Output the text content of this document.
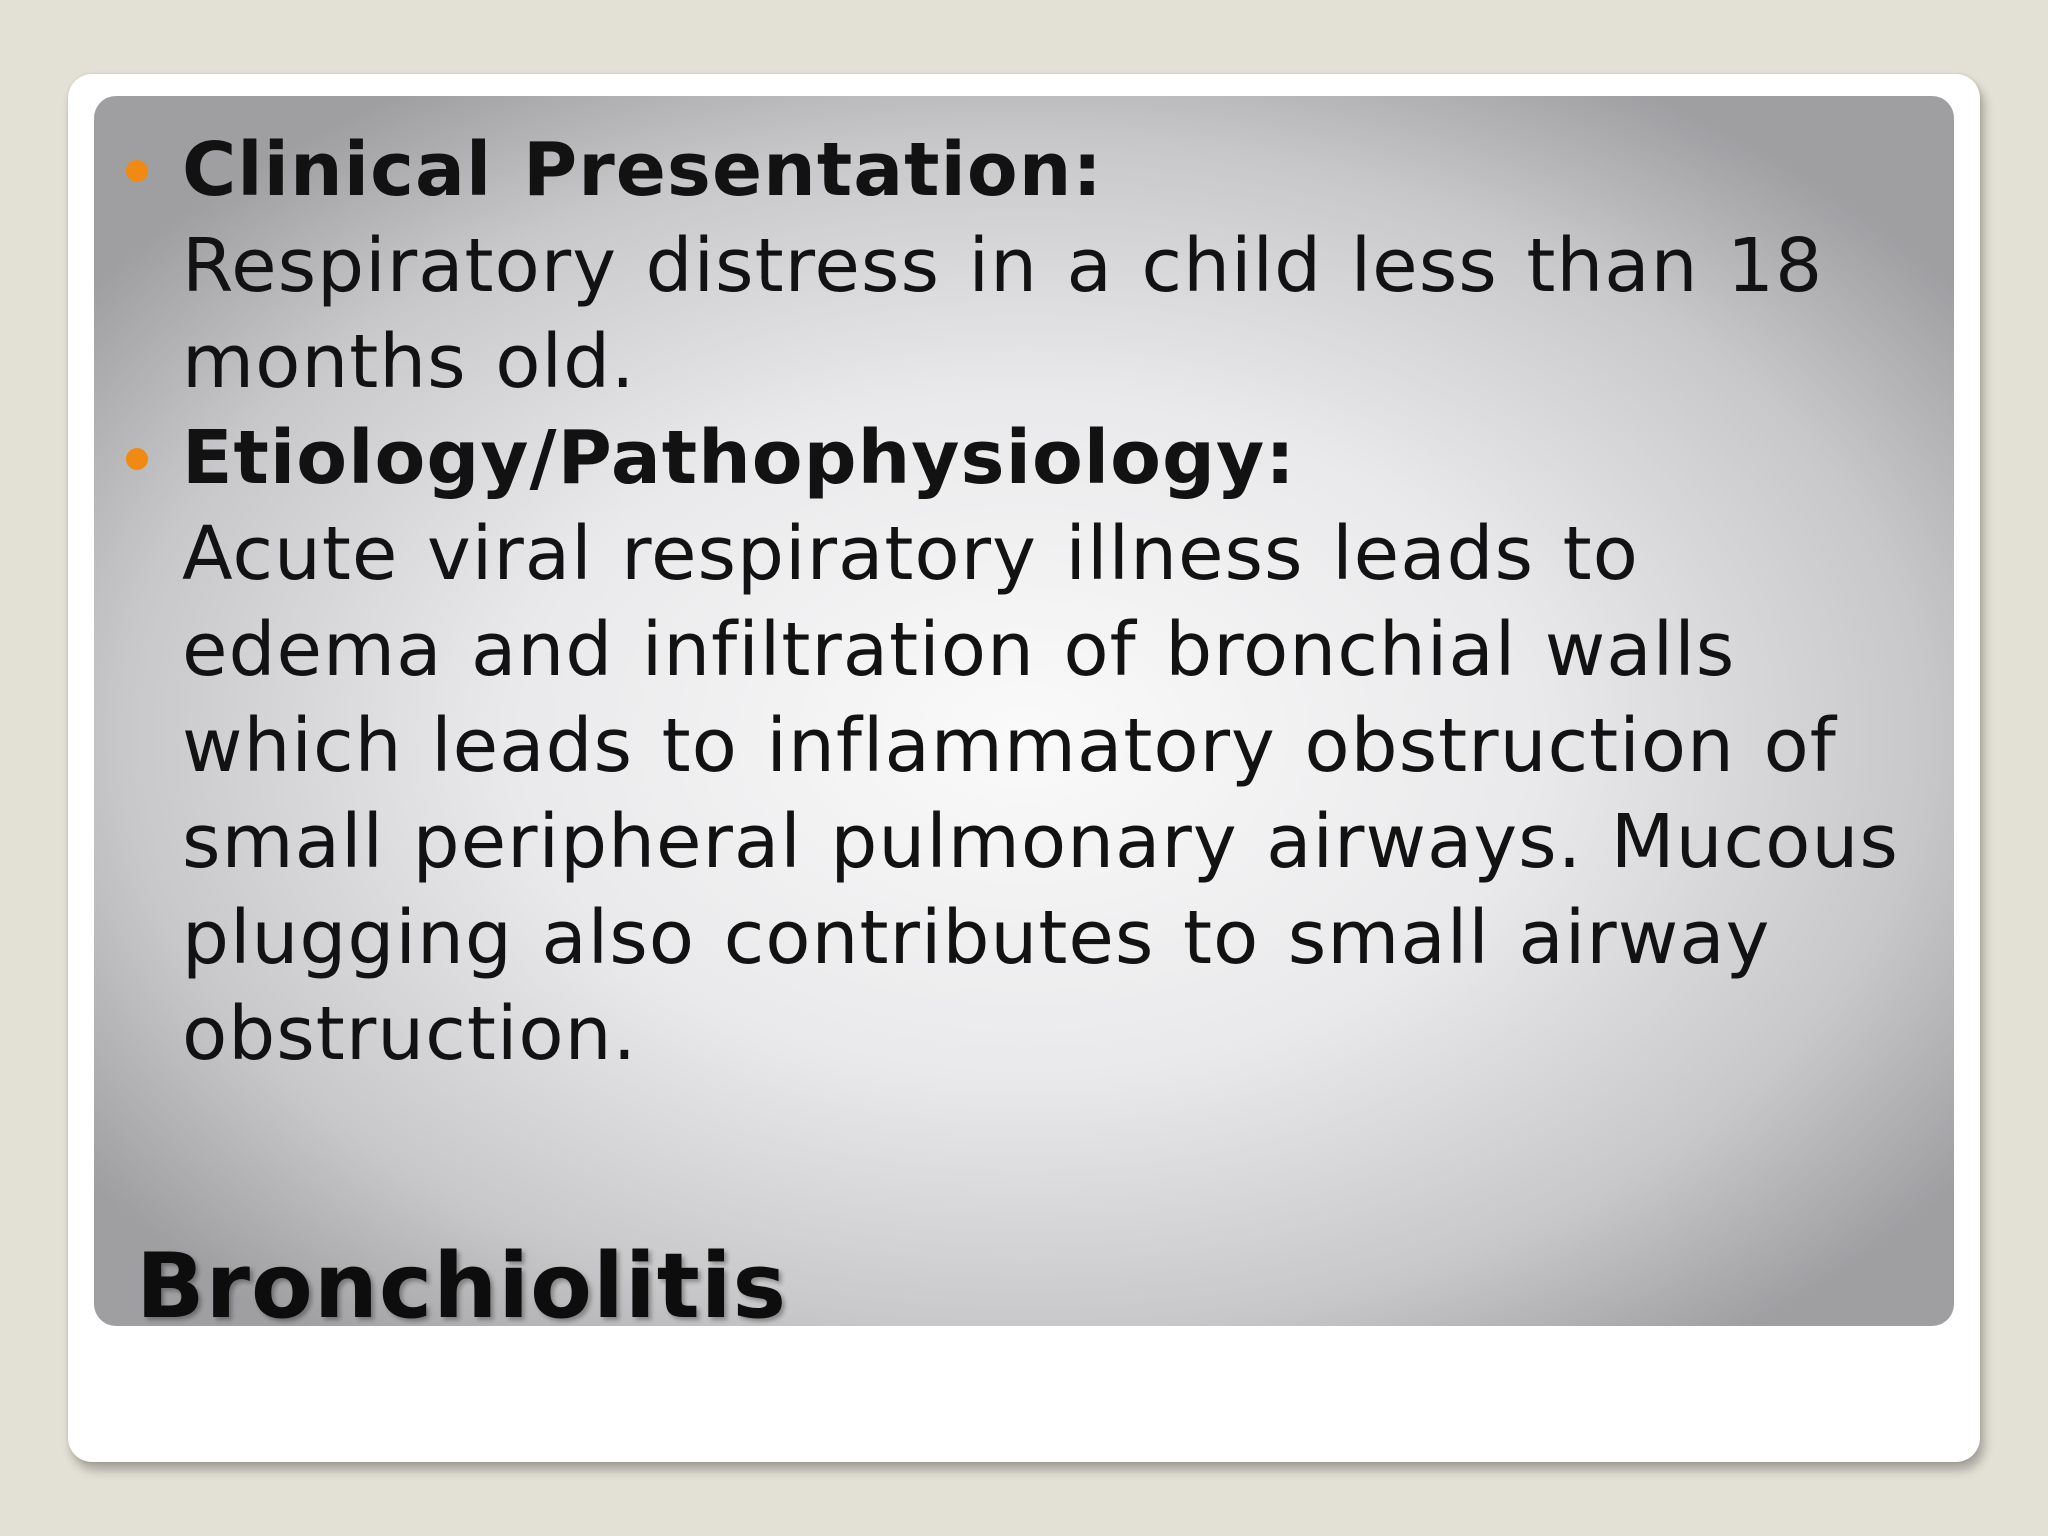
Clinical Presentation:
Respiratory distress in a child less than 18 months old.
Etiology/Pathophysiology:
Acute viral respiratory illness leads to edema and infiltration of bronchial walls which leads to inflammatory obstruction of small peripheral pulmonary airways. Mucous plugging also contributes to small airway obstruction.
Bronchiolitis
